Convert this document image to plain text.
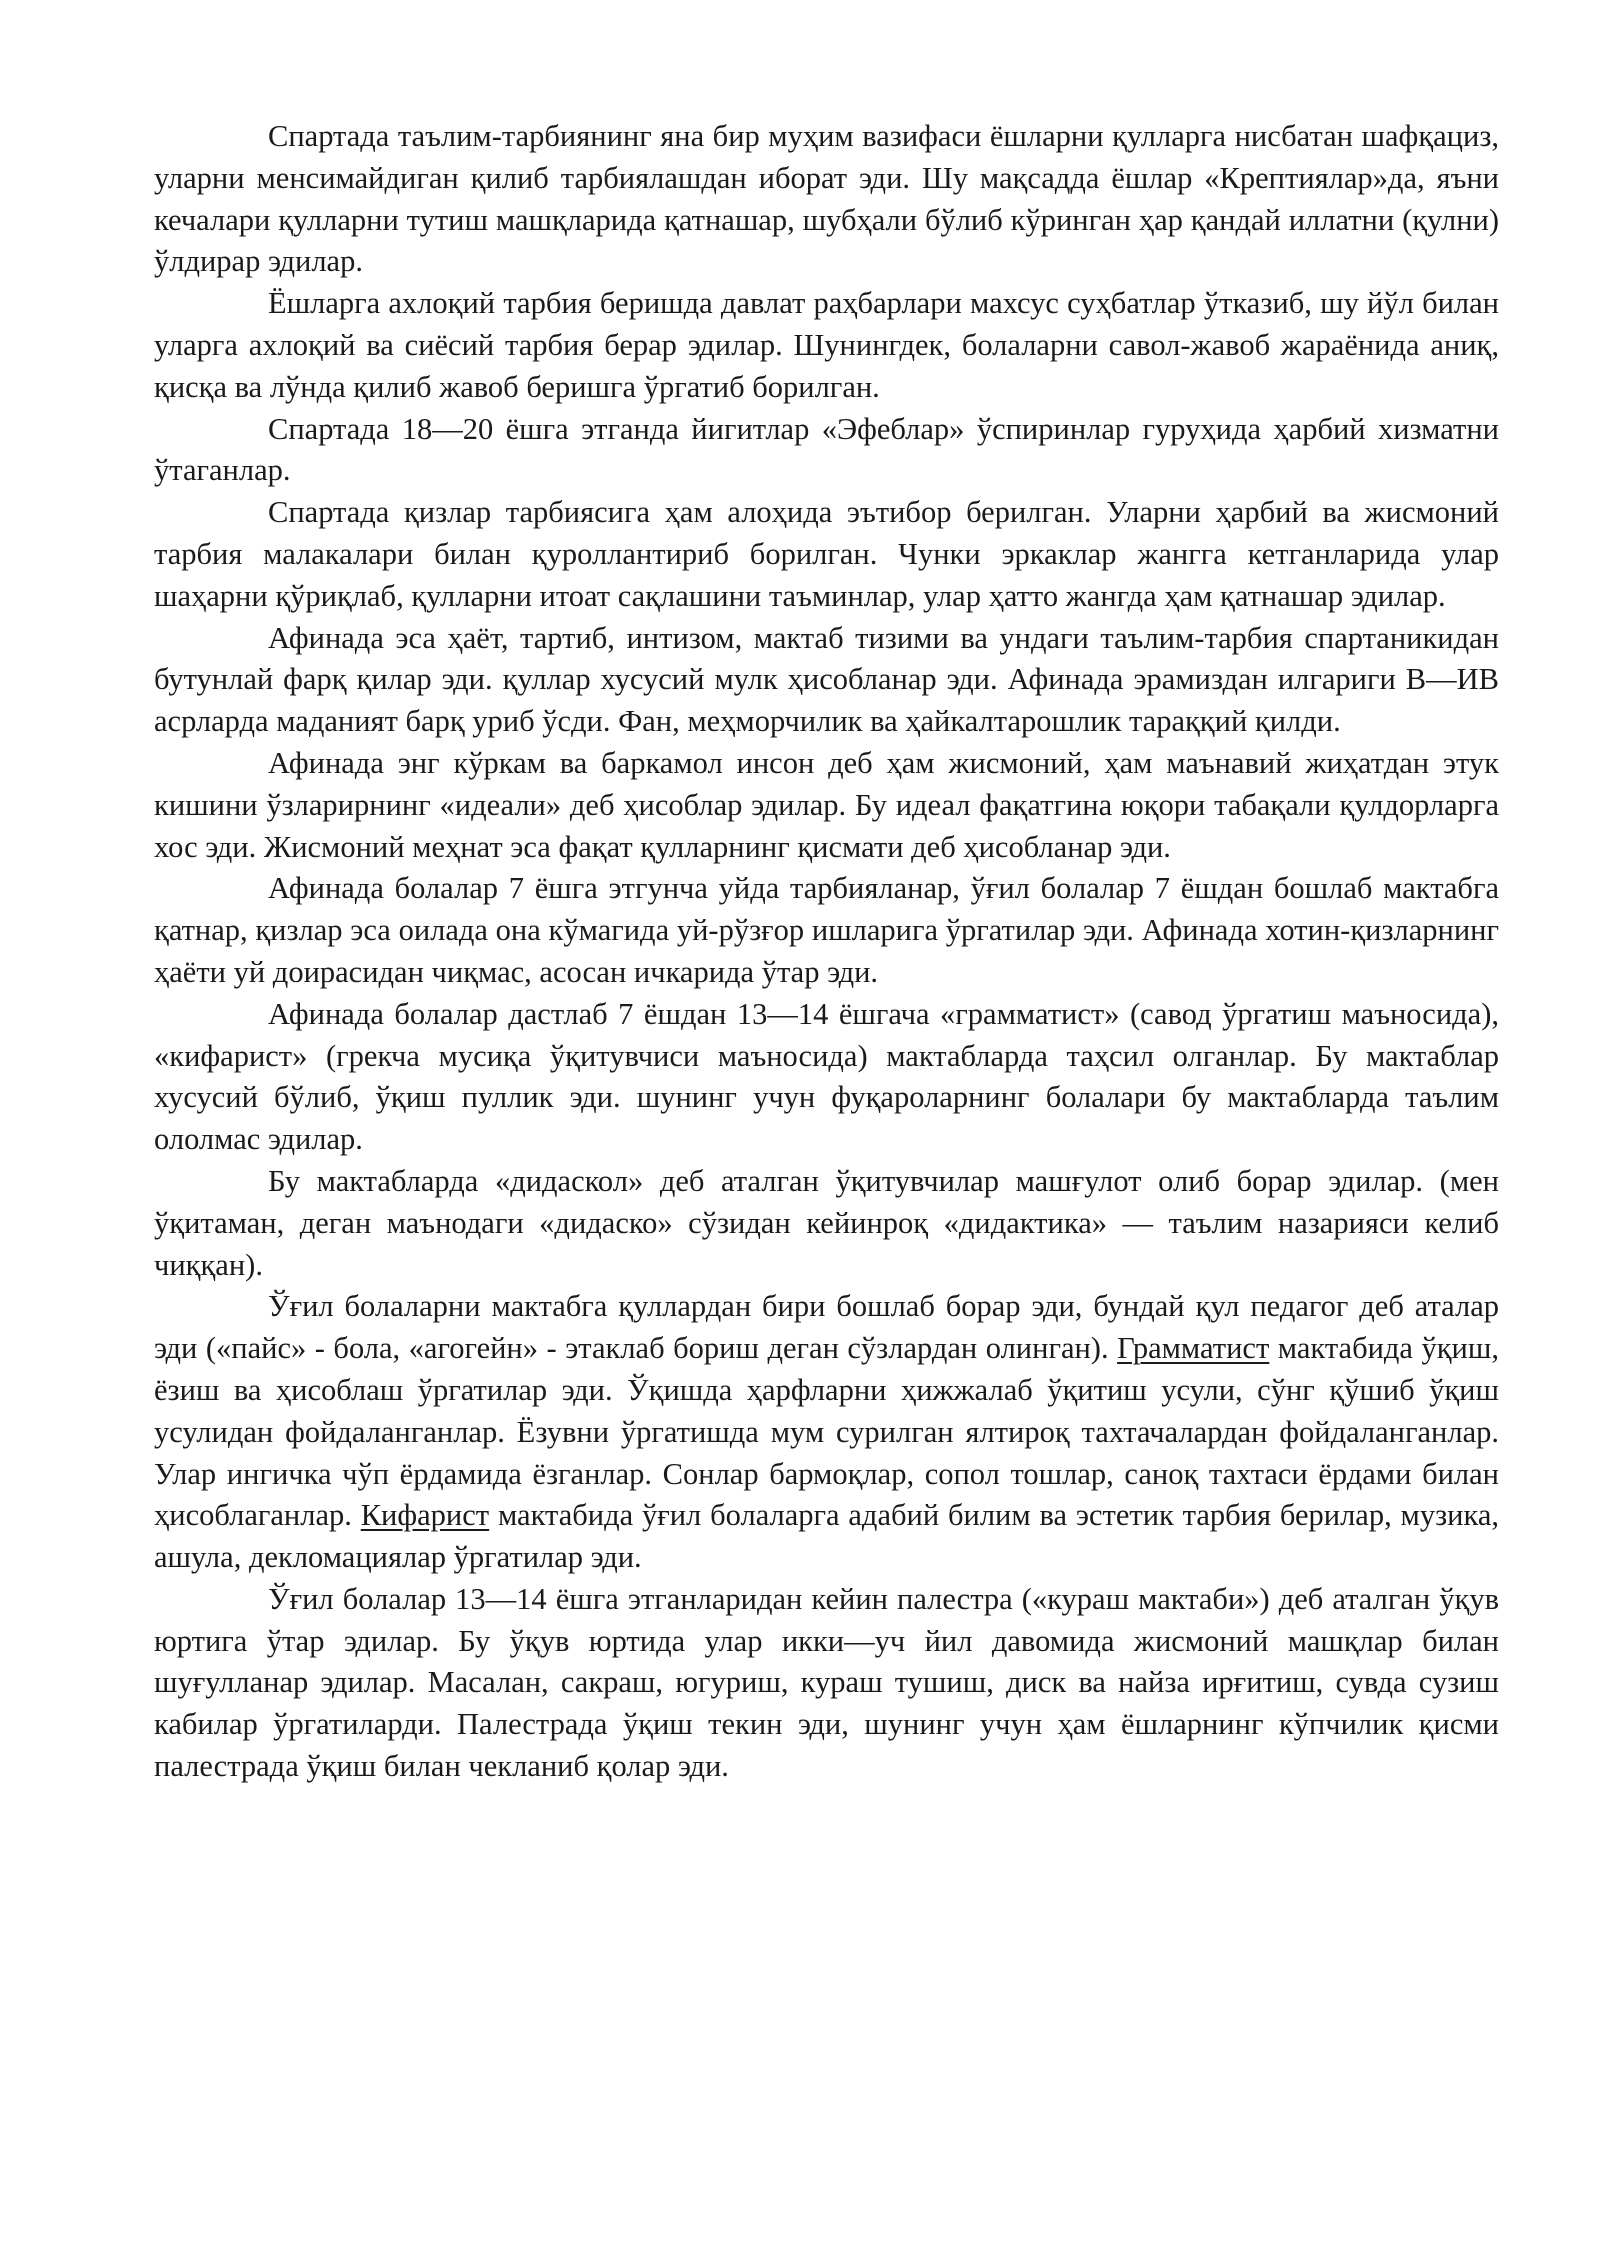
Спартада таълим-тарбиянинг яна бир муҳим вазифаси ёшларни қулларга нисбатан шафқациз, уларни менсимайдиган қилиб тарбиялашдан иборат эди. Шу мақсадда ёшлар «Крептиялар»да, яъни кечалари қулларни тутиш машқларида қатнашар, шубҳали бўлиб кўринган ҳар қандай иллатни (қулни) ўлдирар эдилар.

Ёшларга ахлоқий тарбия беришда давлат раҳбарлари махсус суҳбатлар ўтказиб, шу йўл билан уларга ахлоқий ва сиёсий тарбия берар эдилар. Шунингдек, болаларни савол-жавоб жараёнида аниқ, қисқа ва лўнда қилиб жавоб беришга ўргатиб борилган.

Спартада 18—20 ёшга этганда йигитлар «Эфеблар» ўспиринлар гуруҳида ҳарбий хизматни ўтаганлар.

Спартада қизлар тарбиясига ҳам алоҳида эътибор берилган. Уларни ҳарбий ва жисмоний тарбия малакалари билан қуроллантириб борилган. Чунки эркаклар жангга кетганларида улар шаҳарни қўриқлаб, қулларни итоат сақлашини таъминлар, улар ҳатто жангда ҳам қатнашар эдилар.

Афинада эса ҳаёт, тартиб, интизом, мактаб тизими ва ундаги таълим-тарбия спартаникидан бутунлай фарқ қилар эди. қуллар хусусий мулк ҳисобланар эди. Афинада эрамиздан илгариги В—ИВ асрларда маданият барқ уриб ўсди. Фан, меҳморчилик ва ҳайкалтарошлик тараққий қилди.

Афинада энг кўркам ва баркамол инсон деб ҳам жисмоний, ҳам маънавий жиҳатдан этук кишини ўзларирнинг «идеали» деб ҳисоблар эдилар. Бу идеал фақатгина юқори табақали қулдорларга хос эди. Жисмоний меҳнат эса фақат қулларнинг қисмати деб ҳисобланар эди.

Афинада болалар 7 ёшга этгунча уйда тарбияланар, ўғил болалар 7 ёшдан бошлаб мактабга қатнар, қизлар эса оилада она кўмагида уй-рўзғор ишларига ўргатилар эди. Афинада хотин-қизларнинг ҳаёти уй доирасидан чиқмас, асосан ичкарида ўтар эди.

Афинада болалар дастлаб 7 ёшдан 13—14 ёшгача «грамматист» (савод ўргатиш маъносида), «кифарист» (грекча мусиқа ўқитувчиси маъносида) мактабларда таҳсил олганлар. Бу мактаблар хусусий бўлиб, ўқиш пуллик эди. шунинг учун фуқароларнинг болалари бу мактабларда таълим ололмас эдилар.

Бу мактабларда «дидаскол» деб аталган ўқитувчилар машғулот олиб борар эдилар. (мен ўқитаман, деган маънодаги «дидаско» сўзидан кейинроқ «дидактика» — таълим назарияси келиб чиққан).

Ўғил болаларни мактабга қуллардан бири бошлаб борар эди, бундай қул педагог деб аталар эди («пайс» - бола, «агогейн» - этаклаб бориш деган сўзлардан олинган). Грамматист мактабида ўқиш, ёзиш ва ҳисоблаш ўргатилар эди. Ўқишда ҳарфларни ҳижжалаб ўқитиш усули, сўнг қўшиб ўқиш усулидан фойдаланганлар. Ёзувни ўргатишда мум сурилган ялтироқ тахтачалардан фойдаланганлар. Улар ингичка чўп ёрдамида ёзганлар. Сонлар бармоқлар, сопол тошлар, саноқ тахтаси ёрдами билан ҳисоблаганлар. Кифарист мактабида ўғил болаларга адабий билим ва эстетик тарбия берилар, музика, ашула, декломациялар ўргатилар эди.

Ўғил болалар 13—14 ёшга этганларидан кейин палестра («кураш мактаби») деб аталган ўқув юртига ўтар эдилар. Бу ўқув юртида улар икки—уч йил давомида жисмоний машқлар билан шуғулланар эдилар. Масалан, сакраш, югуриш, кураш тушиш, диск ва найза ирғитиш, сувда сузиш кабилар ўргатиларди. Палестрада ўқиш текин эди, шунинг учун ҳам ёшларнинг кўпчилик қисми палестрада ўқиш билан чекланиб қолар эди.
